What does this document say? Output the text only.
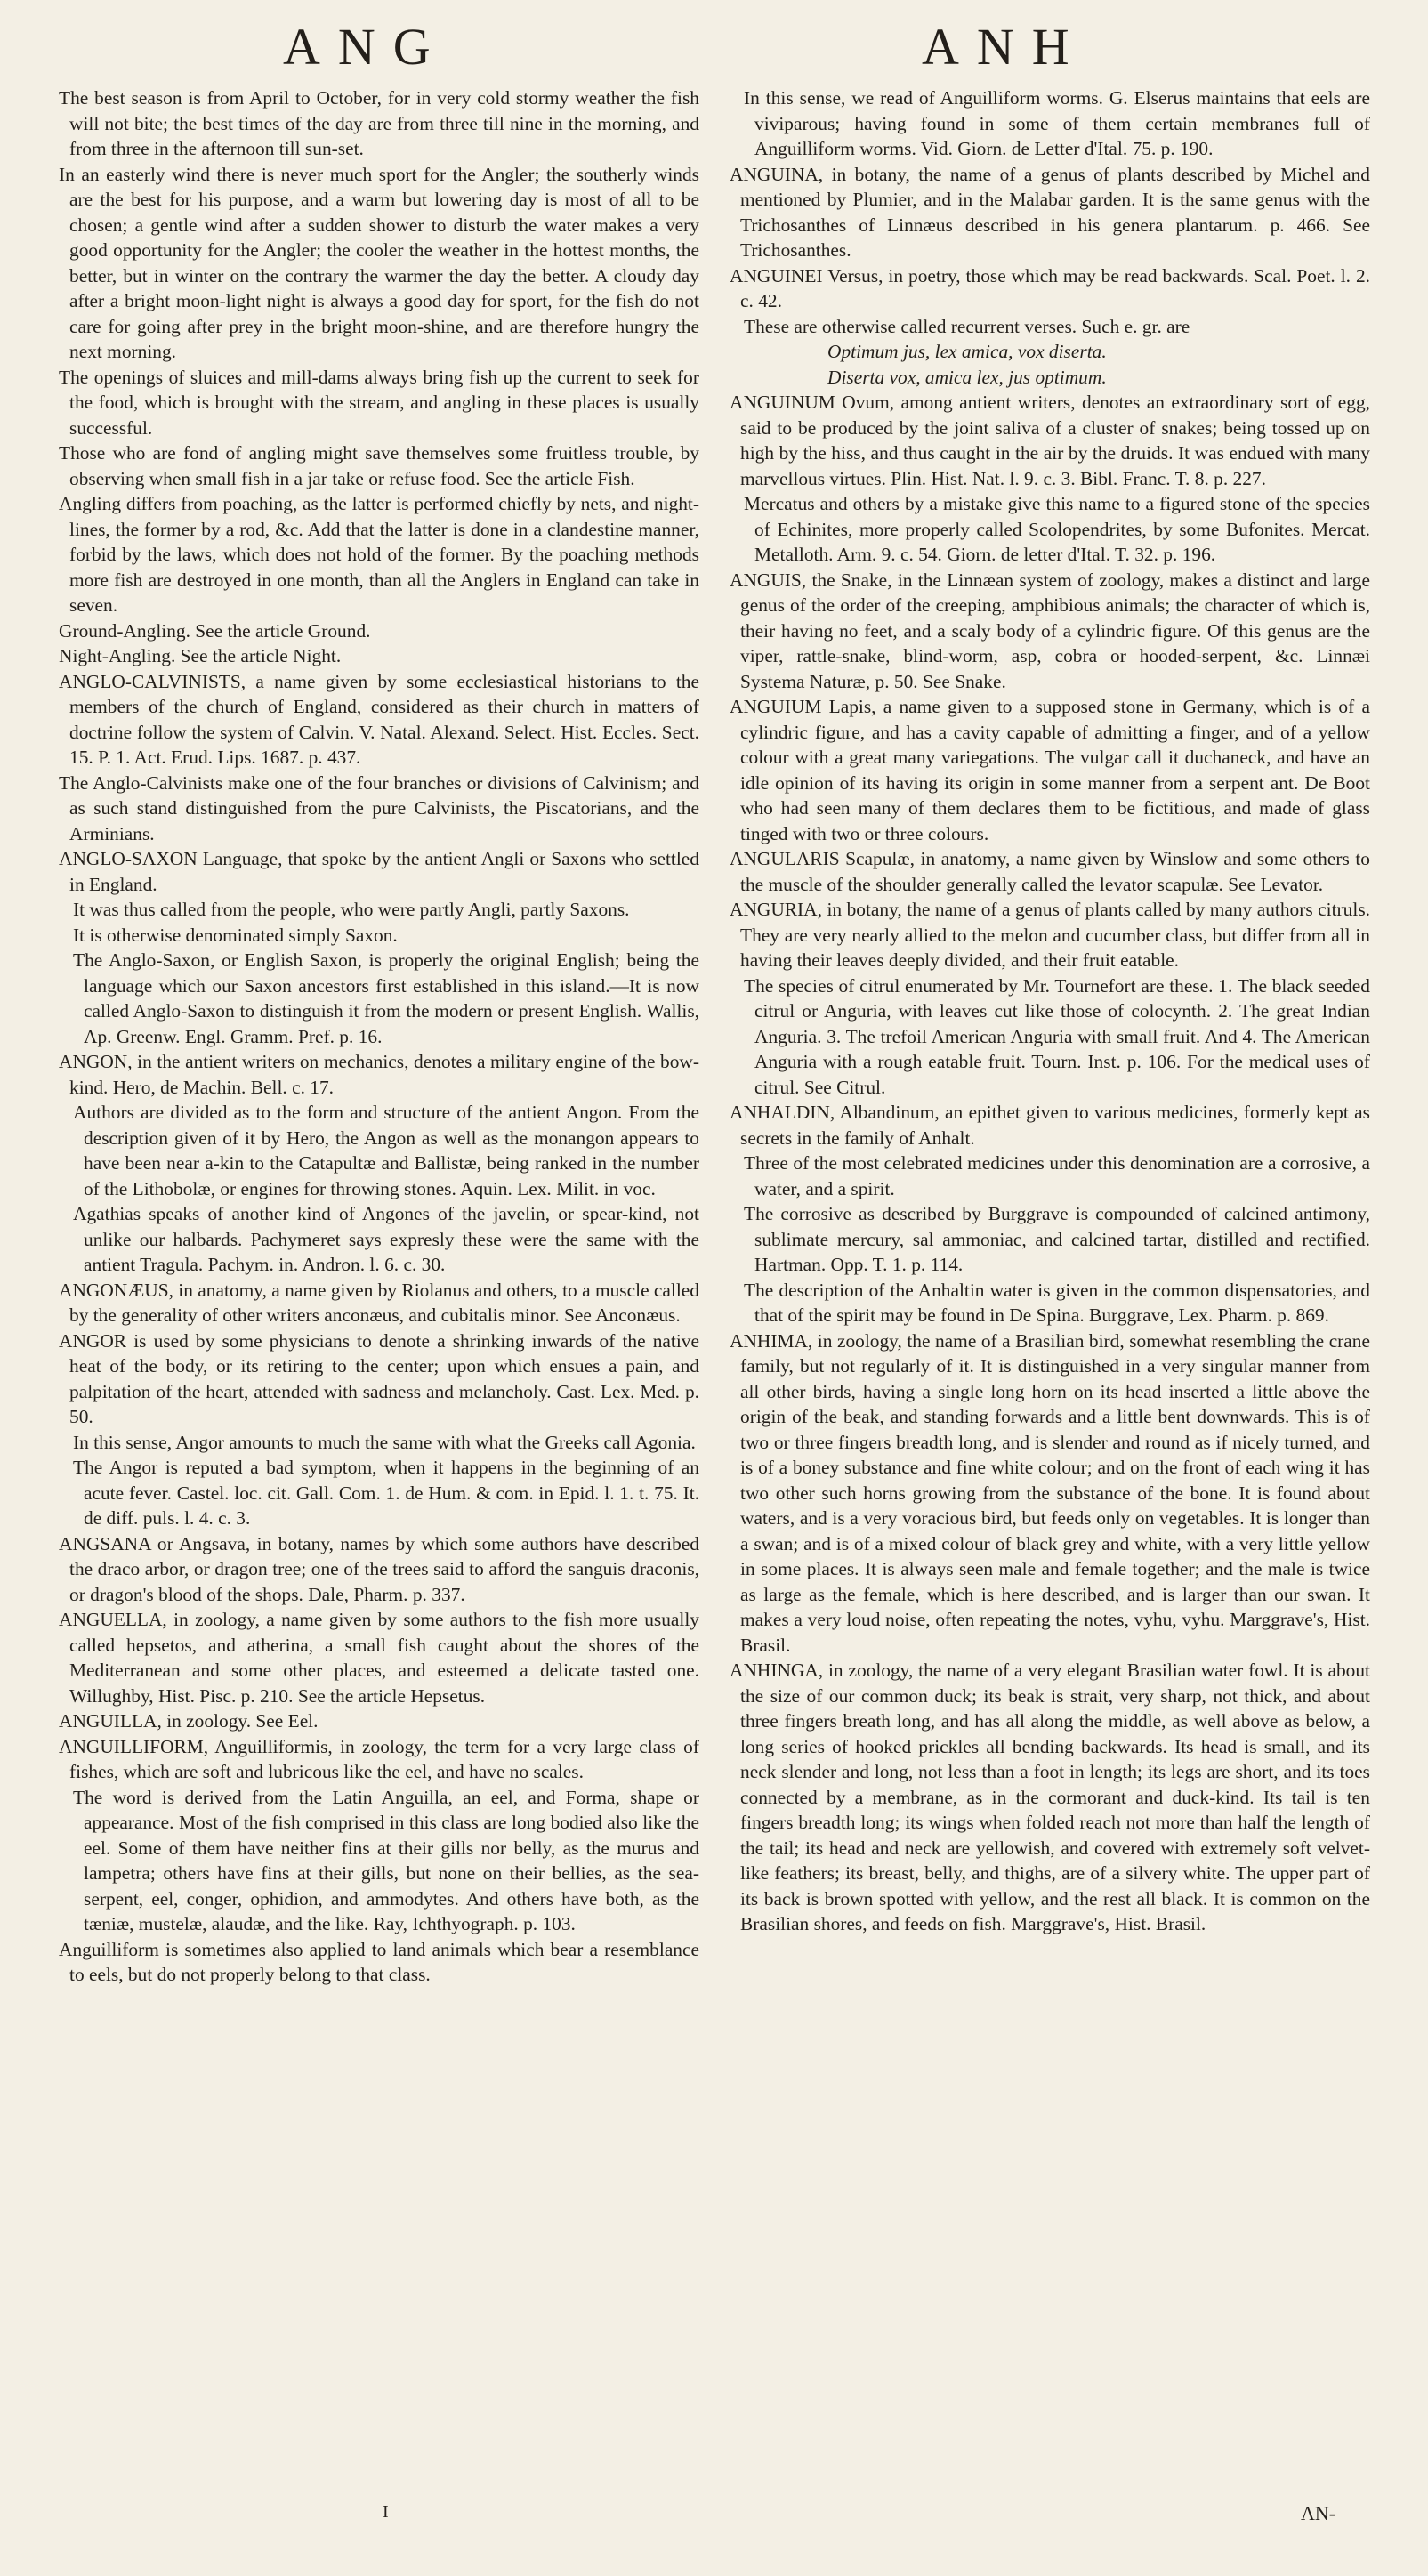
ANG	ANH

The best season is from April to October, for in very cold stormy weather the fish will not bite; the best times of the day are from three till nine in the morning, and from three in the afternoon till sun-set.

In an easterly wind there is never much sport for the Angler; the southerly winds are the best for his purpose, and a warm but lowering day is most of all to be chosen; a gentle wind after a sudden shower to disturb the water makes a very good opportunity for the Angler; the cooler the weather in the hottest months, the better, but in winter on the contrary the warmer the day the better. A cloudy day after a bright moon-light night is always a good day for sport, for the fish do not care for going after prey in the bright moon-shine, and are therefore hungry the next morning.

The openings of sluices and mill-dams always bring fish up the current to seek for the food, which is brought with the stream, and angling in these places is usually successful.

Those who are fond of angling might save themselves some fruitless trouble, by observing when small fish in a jar take or refuse food. See the article Fish.

Angling differs from poaching, as the latter is performed chiefly by nets, and night-lines, the former by a rod, &c. Add that the latter is done in a clandestine manner, forbid by the laws, which does not hold of the former. By the poaching methods more fish are destroyed in one month, than all the Anglers in England can take in seven.

Ground-Angling. See the article Ground.

Night-Angling. See the article Night.

ANGLO-CALVINISTS, a name given by some ecclesiastical historians to the members of the church of England, considered as their church in matters of doctrine follow the system of Calvin. V. Natal. Alexand. Select. Hist. Eccles. Sect. 15. P. 1. Act. Erud. Lips. 1687. p. 437.

The Anglo-Calvinists make one of the four branches or divisions of Calvinism; and as such stand distinguished from the pure Calvinists, the Piscatorians, and the Arminians.

ANGLO-SAXON Language, that spoke by the antient Angli or Saxons who settled in England.

It was thus called from the people, who were partly Angli, partly Saxons.

It is otherwise denominated simply Saxon.

The Anglo-Saxon, or English Saxon, is properly the original English; being the language which our Saxon ancestors first established in this island.—It is now called Anglo-Saxon to distinguish it from the modern or present English. Wallis, Ap. Greenw. Engl. Gramm. Pref. p. 16.

ANGON, in the antient writers on mechanics, denotes a military engine of the bow-kind. Hero, de Machin. Bell. c. 17.

Authors are divided as to the form and structure of the antient Angon. From the description given of it by Hero, the Angon as well as the monangon appears to have been near a-kin to the Catapultæ and Ballistæ, being ranked in the number of the Lithobolæ, or engines for throwing stones. Aquin. Lex. Milit. in voc.

Agathias speaks of another kind of Angones of the javelin, or spear-kind, not unlike our halbards. Pachymeret says expresly these were the same with the antient Tragula. Pachym. in. Andron. l. 6. c. 30.

ANGONÆUS, in anatomy, a name given by Riolanus and others, to a muscle called by the generality of other writers anconæus, and cubitalis minor. See Anconæus.

ANGOR is used by some physicians to denote a shrinking inwards of the native heat of the body, or its retiring to the center; upon which ensues a pain, and palpitation of the heart, attended with sadness and melancholy. Cast. Lex. Med. p. 50.

In this sense, Angor amounts to much the same with what the Greeks call Agonia.

The Angor is reputed a bad symptom, when it happens in the beginning of an acute fever. Castel. loc. cit. Gall. Com. 1. de Hum. & com. in Epid. l. 1. t. 75. It. de diff. puls. l. 4. c. 3.

ANGSANA or Angsava, in botany, names by which some authors have described the draco arbor, or dragon tree; one of the trees said to afford the sanguis draconis, or dragon's blood of the shops. Dale, Pharm. p. 337.

ANGUELLA, in zoology, a name given by some authors to the fish more usually called hepsetos, and atherina, a small fish caught about the shores of the Mediterranean and some other places, and esteemed a delicate tasted one. Willughby, Hist. Pisc. p. 210. See the article Hepsetus.

ANGUILLA, in zoology. See Eel.

ANGUILLIFORM, Anguilliformis, in zoology, the term for a very large class of fishes, which are soft and lubricous like the eel, and have no scales.

The word is derived from the Latin Anguilla, an eel, and Forma, shape or appearance. Most of the fish comprised in this class are long bodied also like the eel. Some of them have neither fins at their gills nor belly, as the murus and lampetra; others have fins at their gills, but none on their bellies, as the sea-serpent, eel, conger, ophidion, and ammodytes. And others have both, as the tæniæ, mustelæ, alaudæ, and the like. Ray, Ichthyograph. p. 103.

Anguilliform is sometimes also applied to land animals which bear a resemblance to eels, but do not properly belong to that class.

In this sense, we read of Anguilliform worms. G. Elserus maintains that eels are viviparous; having found in some of them certain membranes full of Anguilliform worms. Vid. Giorn. de Letter d'Ital. 75. p. 190.

ANGUINA, in botany, the name of a genus of plants described by Michel and mentioned by Plumier, and in the Malabar garden. It is the same genus with the Trichosanthes of Linnæus described in his genera plantarum. p. 466. See Trichosanthes.

ANGUINEI Versus, in poetry, those which may be read backwards. Scal. Poet. l. 2. c. 42.

These are otherwise called recurrent verses. Such e. gr. are

Optimum jus, lex amica, vox diserta.

Diserta vox, amica lex, jus optimum.

ANGUINUM Ovum, among antient writers, denotes an extraordinary sort of egg, said to be produced by the joint saliva of a cluster of snakes; being tossed up on high by the hiss, and thus caught in the air by the druids. It was endued with many marvellous virtues. Plin. Hist. Nat. l. 9. c. 3. Bibl. Franc. T. 8. p. 227.

Mercatus and others by a mistake give this name to a figured stone of the species of Echinites, more properly called Scolopendrites, by some Bufonites. Mercat. Metalloth. Arm. 9. c. 54. Giorn. de letter d'Ital. T. 32. p. 196.

ANGUIS, the Snake, in the Linnæan system of zoology, makes a distinct and large genus of the order of the creeping, amphibious animals; the character of which is, their having no feet, and a scaly body of a cylindric figure. Of this genus are the viper, rattle-snake, blind-worm, asp, cobra or hooded-serpent, &c. Linnæi Systema Naturæ, p. 50. See Snake.

ANGUIUM Lapis, a name given to a supposed stone in Germany, which is of a cylindric figure, and has a cavity capable of admitting a finger, and of a yellow colour with a great many variegations. The vulgar call it duchaneck, and have an idle opinion of its having its origin in some manner from a serpent ant. De Boot who had seen many of them declares them to be fictitious, and made of glass tinged with two or three colours.

ANGULARIS Scapulæ, in anatomy, a name given by Winslow and some others to the muscle of the shoulder generally called the levator scapulæ. See Levator.

ANGURIA, in botany, the name of a genus of plants called by many authors citruls. They are very nearly allied to the melon and cucumber class, but differ from all in having their leaves deeply divided, and their fruit eatable.

The species of citrul enumerated by Mr. Tournefort are these. 1. The black seeded citrul or Anguria, with leaves cut like those of colocynth. 2. The great Indian Anguria. 3. The trefoil American Anguria with small fruit. And 4. The American Anguria with a rough eatable fruit. Tourn. Inst. p. 106. For the medical uses of citrul. See Citrul.

ANHALDIN, Albandinum, an epithet given to various medicines, formerly kept as secrets in the family of Anhalt.

Three of the most celebrated medicines under this denomination are a corrosive, a water, and a spirit.

The corrosive as described by Burggrave is compounded of calcined antimony, sublimate mercury, sal ammoniac, and calcined tartar, distilled and rectified. Hartman. Opp. T. 1. p. 114.

The description of the Anhaltin water is given in the common dispensatories, and that of the spirit may be found in De Spina. Burggrave, Lex. Pharm. p. 869.

ANHIMA, in zoology, the name of a Brasilian bird, somewhat resembling the crane family, but not regularly of it. It is distinguished in a very singular manner from all other birds, having a single long horn on its head inserted a little above the origin of the beak, and standing forwards and a little bent downwards. This is of two or three fingers breadth long, and is slender and round as if nicely turned, and is of a boney substance and fine white colour; and on the front of each wing it has two other such horns growing from the substance of the bone. It is found about waters, and is a very voracious bird, but feeds only on vegetables. It is longer than a swan; and is of a mixed colour of black grey and white, with a very little yellow in some places. It is always seen male and female together; and the male is twice as large as the female, which is here described, and is larger than our swan. It makes a very loud noise, often repeating the notes, vyhu, vyhu. Marggrave's, Hist. Brasil.

ANHINGA, in zoology, the name of a very elegant Brasilian water fowl. It is about the size of our common duck; its beak is strait, very sharp, not thick, and about three fingers breath long, and has all along the middle, as well above as below, a long series of hooked prickles all bending backwards. Its head is small, and its neck slender and long, not less than a foot in length; its legs are short, and its toes connected by a membrane, as in the cormorant and duck-kind. Its tail is ten fingers breadth long; its wings when folded reach not more than half the length of the tail; its head and neck are yellowish, and covered with extremely soft velvet-like feathers; its breast, belly, and thighs, are of a silvery white. The upper part of its back is brown spotted with yellow, and the rest all black. It is common on the Brasilian shores, and feeds on fish. Marggrave's, Hist. Brasil.

I	AN-
